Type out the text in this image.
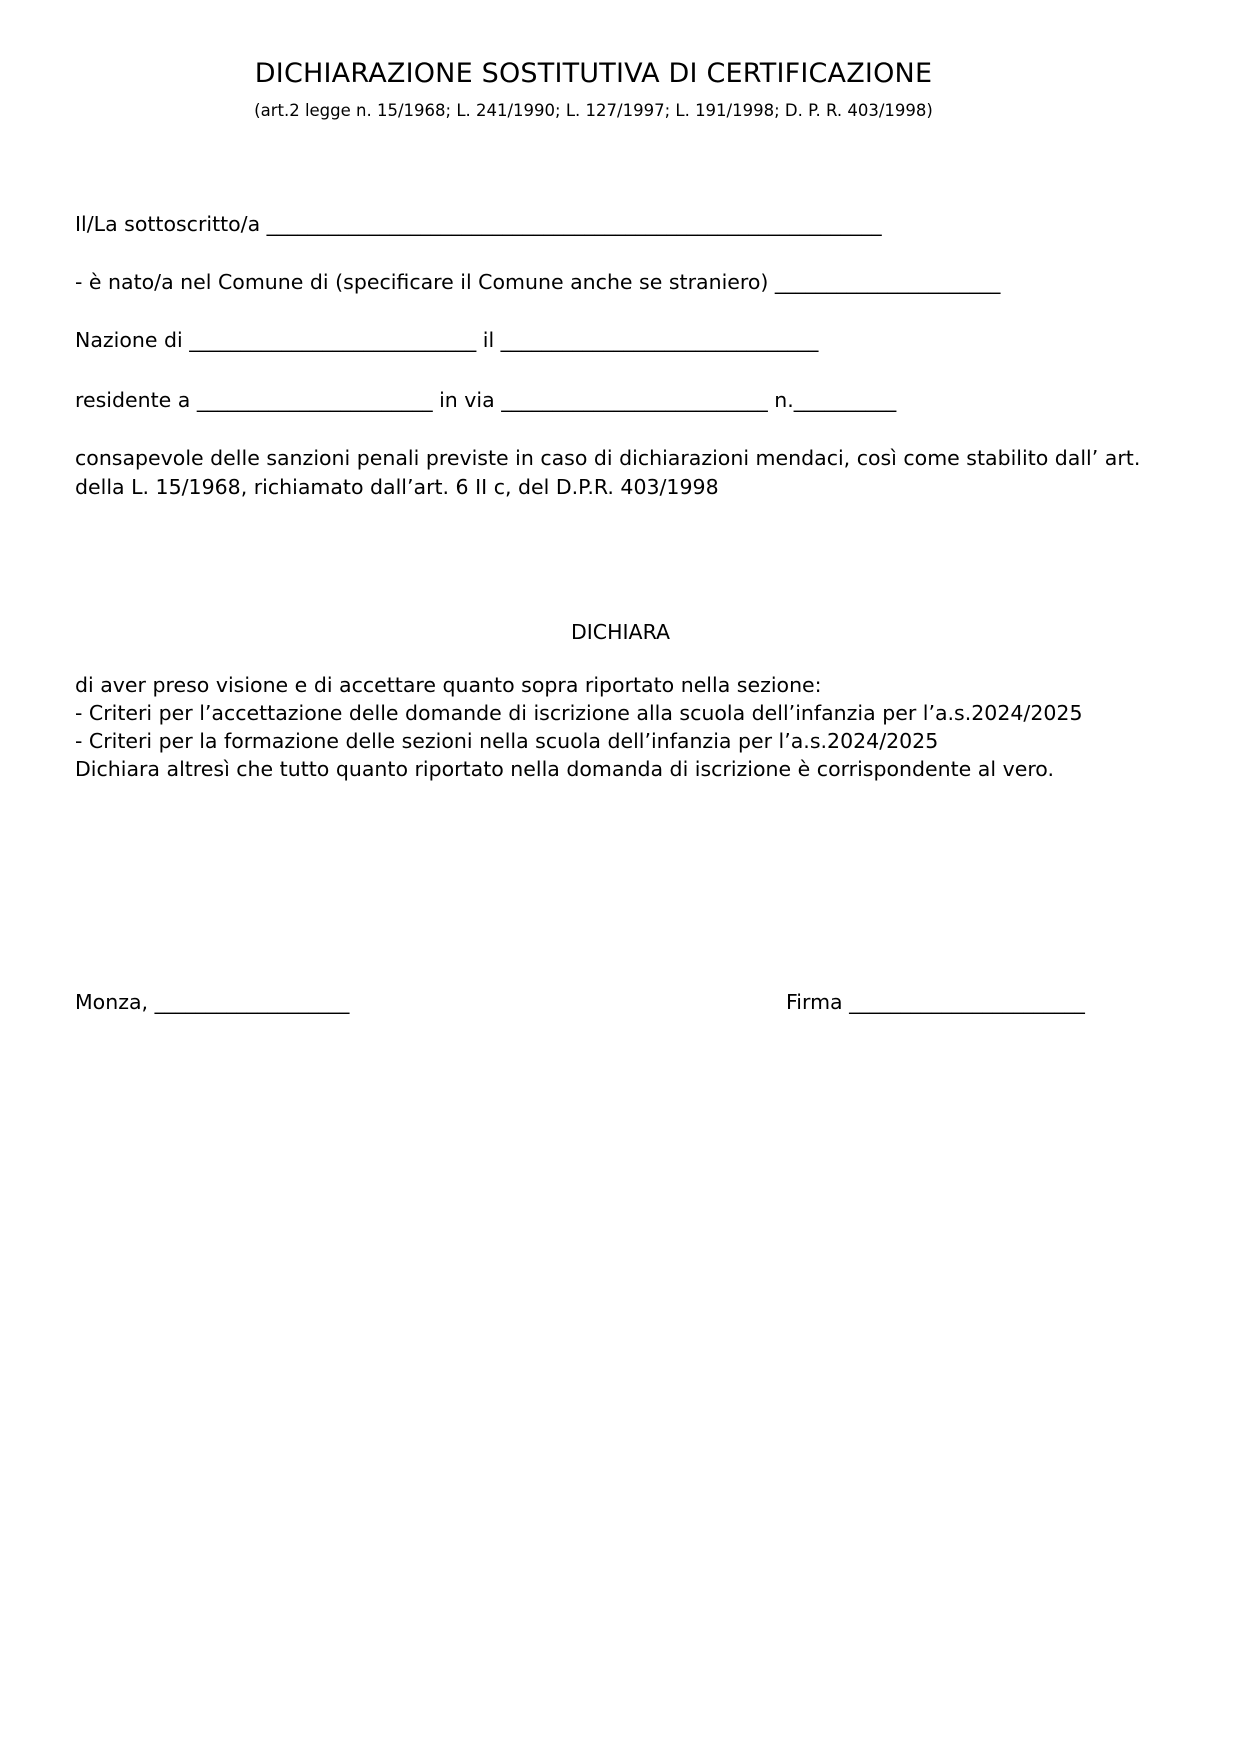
DICHIARAZIONE SOSTITUTIVA DI CERTIFICAZIONE
(art.2 legge n. 15/1968; L. 241/1990; L. 127/1997; L. 191/1998; D. P. R. 403/1998)
Il/La sottoscritto/a ____________________________________________________________
- è nato/a nel Comune di (specificare il Comune anche se straniero) ______________________
Nazione di ____________________________ il _______________________________
residente a _______________________ in via __________________________ n.__________
consapevole delle sanzioni penali previste in caso di dichiarazioni mendaci, così come stabilito dall’ art.
della L. 15/1968, richiamato dall’art. 6 II c, del D.P.R. 403/1998
DICHIARA
di aver preso visione e di accettare quanto sopra riportato nella sezione:
- Criteri per l’accettazione delle domande di iscrizione alla scuola dell’infanzia per l’a.s.2024/2025
- Criteri per la formazione delle sezioni nella scuola dell’infanzia per l’a.s.2024/2025
Dichiara altresì che tutto quanto riportato nella domanda di iscrizione è corrispondente al vero.
Monza, ___________________	Firma _______________________
